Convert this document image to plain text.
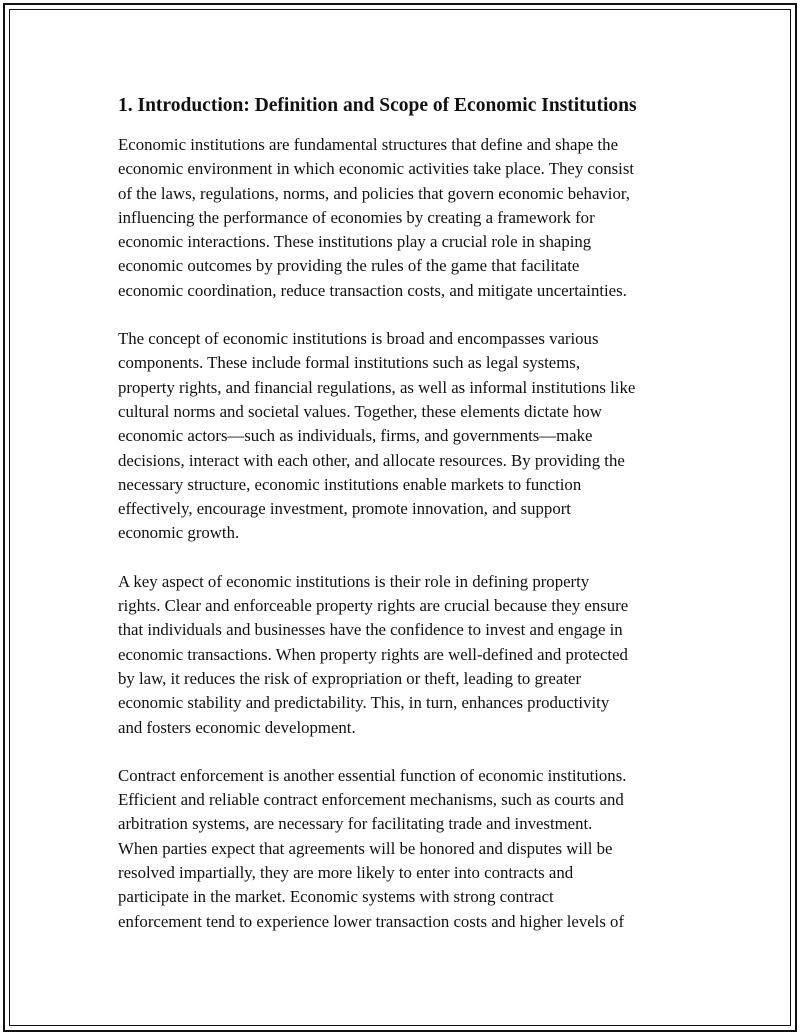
1. Introduction: Definition and Scope of Economic Institutions

Economic institutions are fundamental structures that define and shape the
economic environment in which economic activities take place. They consist
of the laws, regulations, norms, and policies that govern economic behavior,
influencing the performance of economies by creating a framework for
economic interactions. These institutions play a crucial role in shaping
economic outcomes by providing the rules of the game that facilitate
economic coordination, reduce transaction costs, and mitigate uncertainties.

The concept of economic institutions is broad and encompasses various
components. These include formal institutions such as legal systems,
property rights, and financial regulations, as well as informal institutions like
cultural norms and societal values. Together, these elements dictate how
economic actors—such as individuals, firms, and governments—make
decisions, interact with each other, and allocate resources. By providing the
necessary structure, economic institutions enable markets to function
effectively, encourage investment, promote innovation, and support
economic growth.

A key aspect of economic institutions is their role in defining property
rights. Clear and enforceable property rights are crucial because they ensure
that individuals and businesses have the confidence to invest and engage in
economic transactions. When property rights are well-defined and protected
by law, it reduces the risk of expropriation or theft, leading to greater
economic stability and predictability. This, in turn, enhances productivity
and fosters economic development.

Contract enforcement is another essential function of economic institutions.
Efficient and reliable contract enforcement mechanisms, such as courts and
arbitration systems, are necessary for facilitating trade and investment.
When parties expect that agreements will be honored and disputes will be
resolved impartially, they are more likely to enter into contracts and
participate in the market. Economic systems with strong contract
enforcement tend to experience lower transaction costs and higher levels of
